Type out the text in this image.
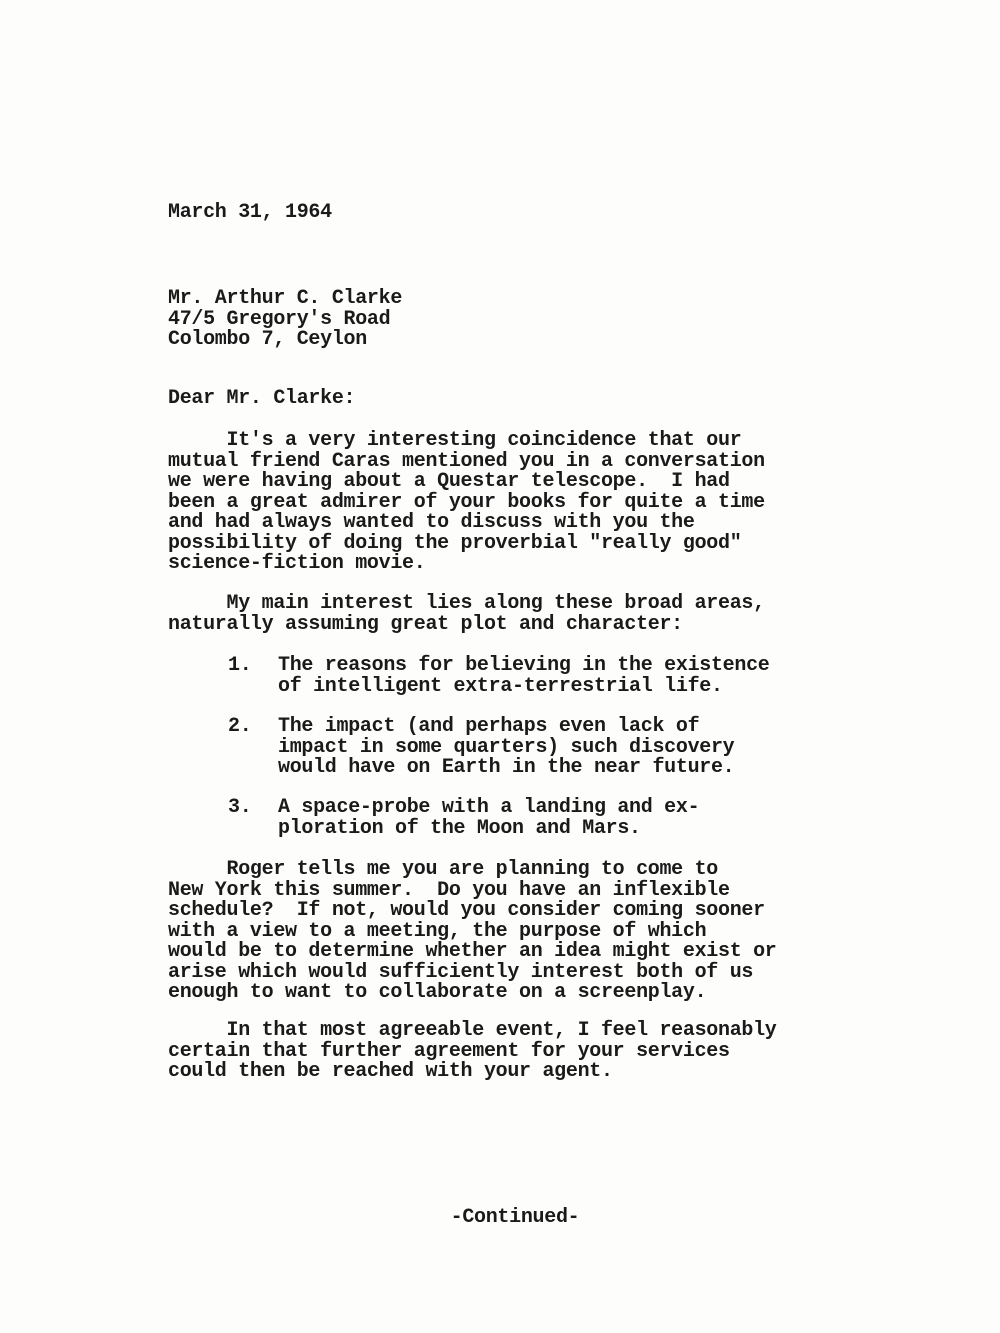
March 31, 1964
Mr. Arthur C. Clarke
47/5 Gregory's Road
Colombo 7, Ceylon
Dear Mr. Clarke:
It's a very interesting coincidence that our
mutual friend Caras mentioned you in a conversation
we were having about a Questar telescope.  I had
been a great admirer of your books for quite a time
and had always wanted to discuss with you the
possibility of doing the proverbial "really good"
science-fiction movie.
My main interest lies along these broad areas,
naturally assuming great plot and character:
1.	The reasons for believing in the existence
of intelligent extra-terrestrial life.
2.	The impact (and perhaps even lack of
impact in some quarters) such discovery
would have on Earth in the near future.
3.	A space-probe with a landing and ex-
ploration of the Moon and Mars.
Roger tells me you are planning to come to
New York this summer.  Do you have an inflexible
schedule?  If not, would you consider coming sooner
with a view to a meeting, the purpose of which
would be to determine whether an idea might exist or
arise which would sufficiently interest both of us
enough to want to collaborate on a screenplay.
In that most agreeable event, I feel reasonably
certain that further agreement for your services
could then be reached with your agent.
-Continued-
